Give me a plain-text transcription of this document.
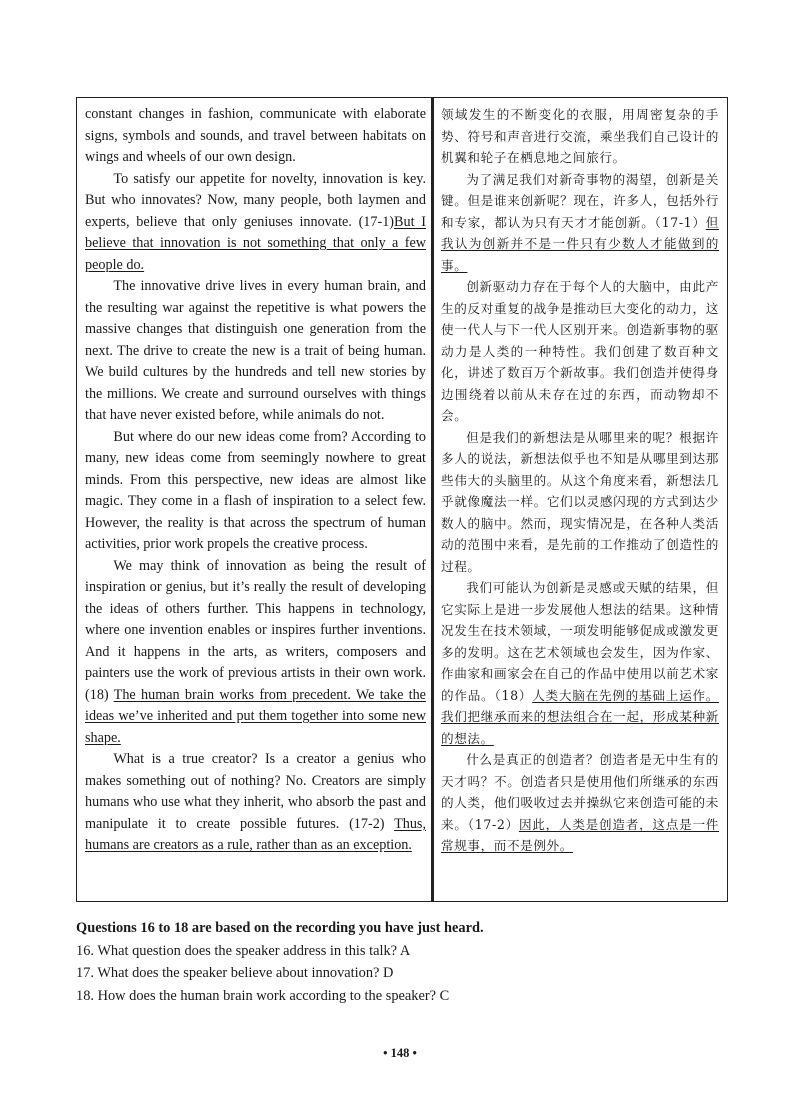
constant changes in fashion, communicate with elaborate signs, symbols and sounds, and travel between habitats on wings and wheels of our own design.

To satisfy our appetite for novelty, innovation is key. But who innovates? Now, many people, both laymen and experts, believe that only geniuses innovate. (17-1)But I believe that innovation is not something that only a few people do.

The innovative drive lives in every human brain, and the resulting war against the repetitive is what powers the massive changes that distinguish one generation from the next. The drive to create the new is a trait of being human. We build cultures by the hundreds and tell new stories by the millions. We create and surround ourselves with things that have never existed before, while animals do not.

But where do our new ideas come from? According to many, new ideas come from seemingly nowhere to great minds. From this perspective, new ideas are almost like magic. They come in a flash of inspiration to a select few. However, the reality is that across the spectrum of human activities, prior work propels the creative process.

We may think of innovation as being the result of inspiration or genius, but it’s really the result of developing the ideas of others further. This happens in technology, where one invention enables or inspires further inventions. And it happens in the arts, as writers, composers and painters use the work of previous artists in their own work. (18) The human brain works from precedent. We take the ideas we’ve inherited and put them together into some new shape.

What is a true creator? Is a creator a genius who makes something out of nothing? No. Creators are simply humans who use what they inherit, who absorb the past and manipulate it to create possible futures. (17-2) Thus, humans are creators as a rule, rather than as an exception.

领域发生的不断变化的衣服，用周密复杂的手势、符号和声音进行交流，乘坐我们自己设计的机翼和轮子在栖息地之间旅行。

为了满足我们对新奇事物的渴望，创新是关键。但是谁来创新呢？现在，许多人，包括外行和专家，都认为只有天才才能创新。（17-1）但我认为创新并不是一件只有少数人才能做到的事。

创新驱动力存在于每个人的大脑中，由此产生的反对重复的战争是推动巨大变化的动力，这使一代人与下一代人区别开来。创造新事物的驱动力是人类的一种特性。我们创建了数百种文化，讲述了数百万个新故事。我们创造并使得身边围绕着以前从未存在过的东西，而动物却不会。

但是我们的新想法是从哪里来的呢？根据许多人的说法，新想法似乎也不知是从哪里到达那些伟大的头脑里的。从这个角度来看，新想法几乎就像魔法一样。它们以灵感闪现的方式到达少数人的脑中。然而，现实情况是，在各种人类活动的范围中来看，是先前的工作推动了创造性的过程。

我们可能认为创新是灵感或天赋的结果，但它实际上是进一步发展他人想法的结果。这种情况发生在技术领域，一项发明能够促成或激发更多的发明。这在艺术领域也会发生，因为作家、作曲家和画家会在自己的作品中使用以前艺术家的作品。（18）人类大脑在先例的基础上运作。我们把继承而来的想法组合在一起，形成某种新的想法。

什么是真正的创造者？创造者是无中生有的天才吗？不。创造者只是使用他们所继承的东西的人类，他们吸收过去并操纵它来创造可能的未来。（17-2）因此，人类是创造者，这点是一件常规事，而不是例外。

Questions 16 to 18 are based on the recording you have just heard.
16. What question does the speaker address in this talk? A
17. What does the speaker believe about innovation? D
18. How does the human brain work according to the speaker? C
• 148 •
